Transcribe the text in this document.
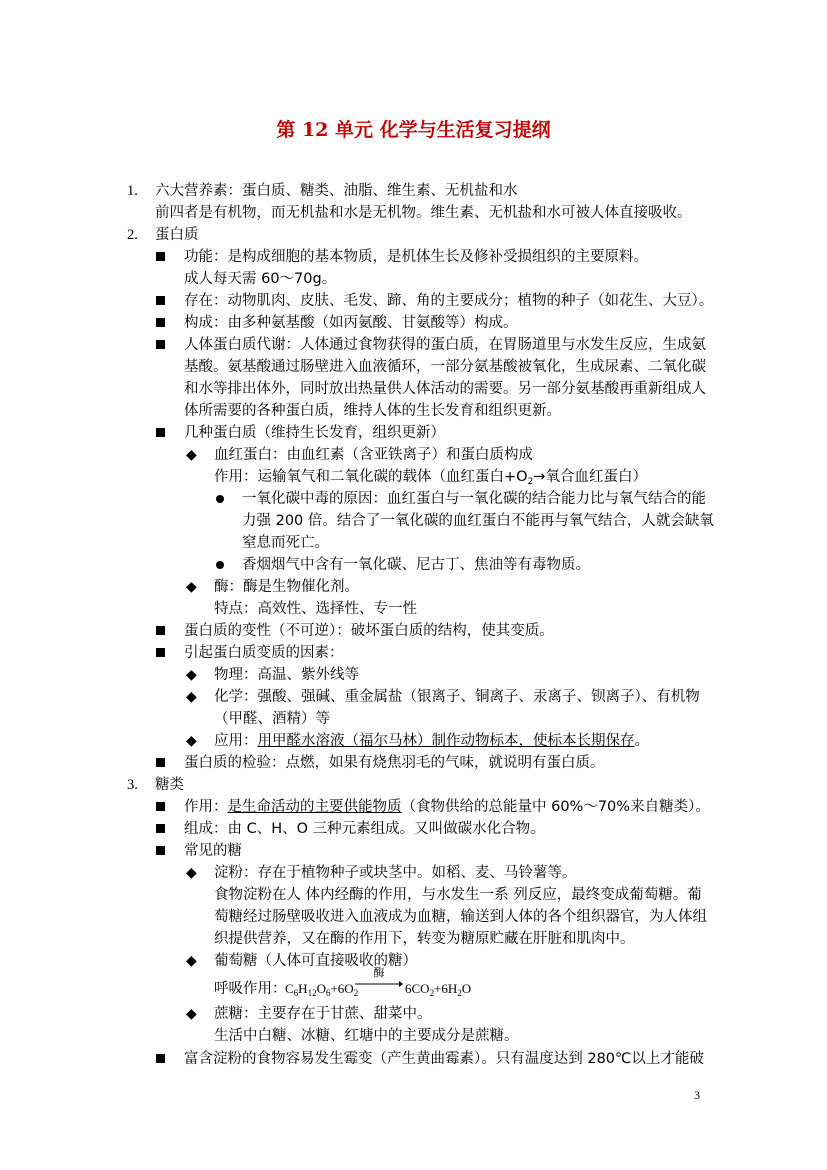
第 12 单元 化学与生活复习提纲
1. 六大营养素：蛋白质、糖类、油脂、维生素、无机盐和水
前四者是有机物，而无机盐和水是无机物。维生素、无机盐和水可被人体直接吸收。
2. 蛋白质
功能：是构成细胞的基本物质，是机体生长及修补受损组织的主要原料。
成人每天需 60～70g。
存在：动物肌肉、皮肤、毛发、蹄、角的主要成分；植物的种子（如花生、大豆）。
构成：由多种氨基酸（如丙氨酸、甘氨酸等）构成。
人体蛋白质代谢：人体通过食物获得的蛋白质，在胃肠道里与水发生反应，生成氨
基酸。氨基酸通过肠壁进入血液循环，一部分氨基酸被氧化，生成尿素、二氧化碳
和水等排出体外，同时放出热量供人体活动的需要。另一部分氨基酸再重新组成人
体所需要的各种蛋白质，维持人体的生长发育和组织更新。
几种蛋白质（维持生长发育，组织更新）
◆ 血红蛋白：由血红素（含亚铁离子）和蛋白质构成
作用：运输氧气和二氧化碳的载体（血红蛋白$+O_2\to$氧合血红蛋白）
一氧化碳中毒的原因：血红蛋白与一氧化碳的结合能力比与氧气结合的能
力强 200 倍。结合了一氧化碳的血红蛋白不能再与氧气结合，人就会缺氧
窒息而死亡。
香烟烟气中含有一氧化碳、尼古丁、焦油等有毒物质。
◆ 酶：酶是生物催化剂。
特点：高效性、选择性、专一性
蛋白质的变性（不可逆）：破坏蛋白质的结构，使其变质。
引起蛋白质变质的因素：
◆ 物理：高温、紫外线等
◆ 化学：强酸、强碱、重金属盐（银离子、铜离子、汞离子、钡离子）、有机物
（甲醛、酒精）等
◆ 应用：用甲醛水溶液（福尔马林）制作动物标本，使标本长期保存。
蛋白质的检验：点燃，如果有烧焦羽毛的气味，就说明有蛋白质。
3. 糖类
作用：是生命活动的主要供能物质（食物供给的总能量中 60%～70%来自糖类）。
组成：由 C、H、O 三种元素组成。又叫做碳水化合物。
常见的糖
◆ 淀粉：存在于植物种子或块茎中。如稻、麦、马铃薯等。
食物淀粉在人 体内经酶的作用，与水发生一系 列反应，最终变成葡萄糖。葡
萄糖经过肠壁吸收进入血液成为血糖，输送到人体的各个组织器官，为人体组
织提供营养，又在酶的作用下，转变为糖原贮藏在肝脏和肌肉中。
◆ 葡萄糖（人体可直接吸收的糖）
呼吸作用：
$C_6H_{12}O_6+6O_2$
酶
$6CO_2+6H_2O$
◆ 蔗糖：主要存在于甘蔗、甜菜中。
生活中白糖、冰糖、红塘中的主要成分是蔗糖。
富含淀粉的食物容易发生霉变（产生黄曲霉素）。只有温度达到 280℃以上才能破
3
